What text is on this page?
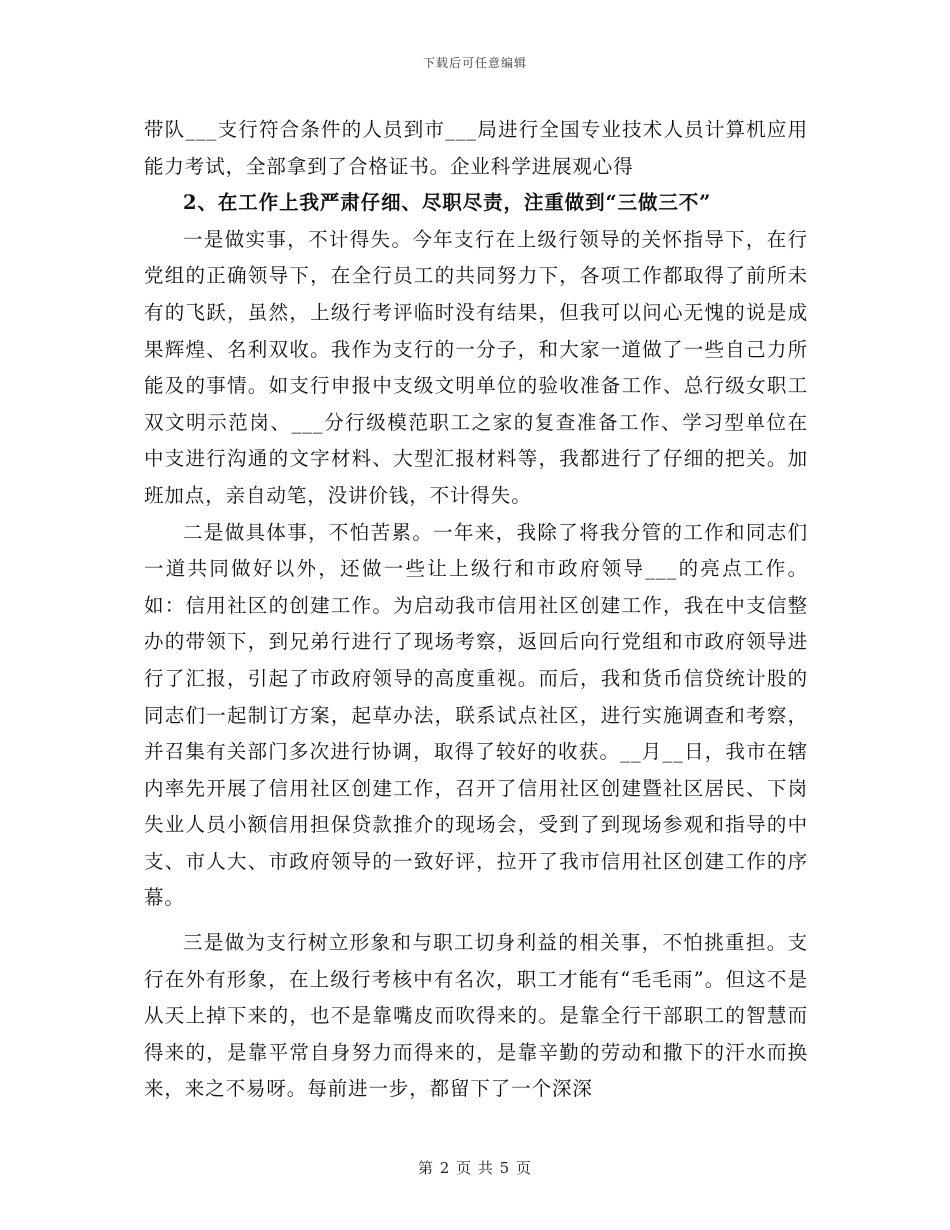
下载后可任意编辑

带队___支行符合条件的人员到市___局进行全国专业技术人员计算机应用能力考试，全部拿到了合格证书。企业科学进展观心得

2、在工作上我严肃仔细、尽职尽责，注重做到“三做三不”

一是做实事，不计得失。今年支行在上级行领导的关怀指导下，在行党组的正确领导下，在全行员工的共同努力下，各项工作都取得了前所未有的飞跃，虽然，上级行考评临时没有结果，但我可以问心无愧的说是成果辉煌、名利双收。我作为支行的一分子，和大家一道做了一些自己力所能及的事情。如支行申报中支级文明单位的验收准备工作、总行级女职工双文明示范岗、___分行级模范职工之家的复查准备工作、学习型单位在中支进行沟通的文字材料、大型汇报材料等，我都进行了仔细的把关。加班加点，亲自动笔，没讲价钱，不计得失。

二是做具体事，不怕苦累。一年来，我除了将我分管的工作和同志们一道共同做好以外，还做一些让上级行和市政府领导___的亮点工作。如：信用社区的创建工作。为启动我市信用社区创建工作，我在中支信整办的带领下，到兄弟行进行了现场考察，返回后向行党组和市政府领导进行了汇报，引起了市政府领导的高度重视。而后，我和货币信贷统计股的同志们一起制订方案，起草办法，联系试点社区，进行实施调查和考察，并召集有关部门多次进行协调，取得了较好的收获。__月__日，我市在辖内率先开展了信用社区创建工作，召开了信用社区创建暨社区居民、下岗失业人员小额信用担保贷款推介的现场会，受到了到现场参观和指导的中支、市人大、市政府领导的一致好评，拉开了我市信用社区创建工作的序幕。

三是做为支行树立形象和与职工切身利益的相关事，不怕挑重担。支行在外有形象，在上级行考核中有名次，职工才能有“毛毛雨”。但这不是从天上掉下来的，也不是靠嘴皮而吹得来的。是靠全行干部职工的智慧而得来的，是靠平常自身努力而得来的，是靠辛勤的劳动和撒下的汗水而换来，来之不易呀。每前进一步，都留下了一个深深

第 2 页 共 5 页
